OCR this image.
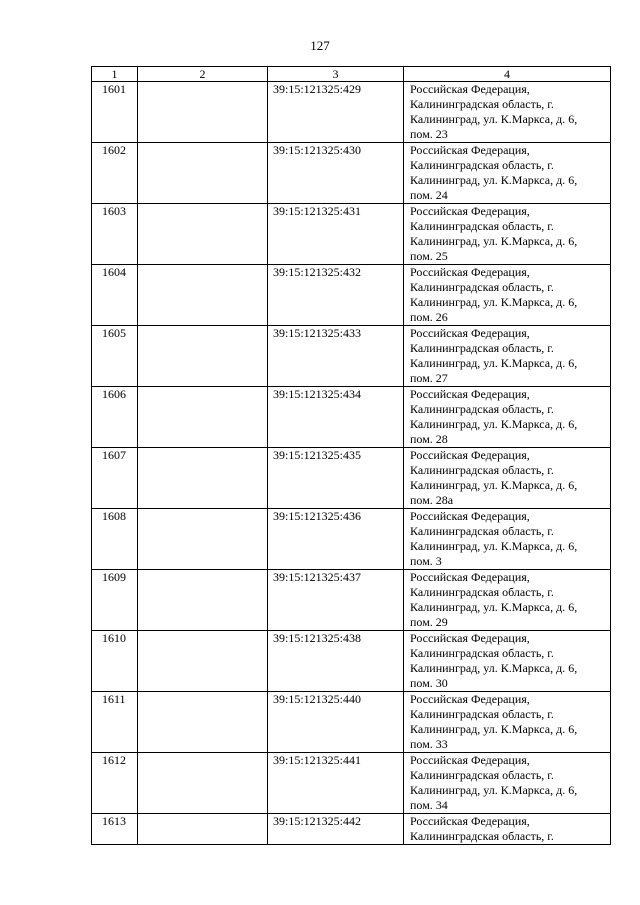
127
1	2	3	4
1601		39:15:121325:429	Российская Федерация,
Калининградская область, г.
Калининград, ул. К.Маркса, д. 6,
пом. 23

1602		39:15:121325:430	Российская Федерация,
Калининградская область, г.
Калининград, ул. К.Маркса, д. 6,
пом. 24

1603		39:15:121325:431	Российская Федерация,
Калининградская область, г.
Калининград, ул. К.Маркса, д. 6,
пом. 25

1604		39:15:121325:432	Российская Федерация,
Калининградская область, г.
Калининград, ул. К.Маркса, д. 6,
пом. 26

1605		39:15:121325:433	Российская Федерация,
Калининградская область, г.
Калининград, ул. К.Маркса, д. 6,
пом. 27

1606		39:15:121325:434	Российская Федерация,
Калининградская область, г.
Калининград, ул. К.Маркса, д. 6,
пом. 28

1607		39:15:121325:435	Российская Федерация,
Калининградская область, г.
Калининград, ул. К.Маркса, д. 6,
пом. 28а

1608		39:15:121325:436	Российская Федерация,
Калининградская область, г.
Калининград, ул. К.Маркса, д. 6,
пом. 3

1609		39:15:121325:437	Российская Федерация,
Калининградская область, г.
Калининград, ул. К.Маркса, д. 6,
пом. 29

1610		39:15:121325:438	Российская Федерация,
Калининградская область, г.
Калининград, ул. К.Маркса, д. 6,
пом. 30

1611		39:15:121325:440	Российская Федерация,
Калининградская область, г.
Калининград, ул. К.Маркса, д. 6,
пом. 33

1612		39:15:121325:441	Российская Федерация,
Калининградская область, г.
Калининград, ул. К.Маркса, д. 6,
пом. 34

1613		39:15:121325:442	Российская Федерация,
Калининградская область, г.
